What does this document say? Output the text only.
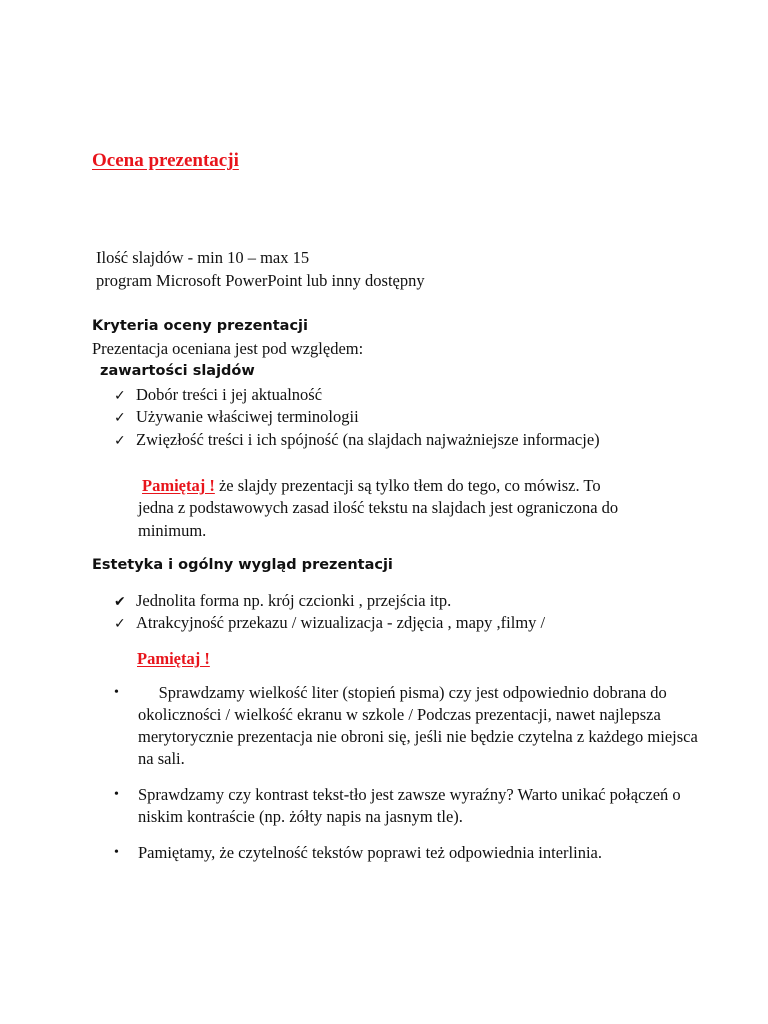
Ocena prezentacji
Ilość slajdów - min 10 – max 15
program Microsoft PowerPoint lub inny dostępny
Kryteria oceny prezentacji
Prezentacja oceniana jest pod względem:
zawartości slajdów
✓ Dobór treści i jej aktualność
✓ Używanie właściwej terminologii
✓ Zwięzłość treści i ich spójność (na slajdach najważniejsze informacje)
Pamiętaj ! że slajdy prezentacji są tylko tłem do tego, co mówisz. To
jedna z podstawowych zasad ilość tekstu na slajdach jest ograniczona do
minimum.
Estetyka i ogólny wygląd prezentacji
✔ Jednolita forma np. krój czcionki , przejścia itp.
✓ Atrakcyjność przekazu / wizualizacja - zdjęcia , mapy ,filmy /
Pamiętaj !
• Sprawdzamy wielkość liter (stopień pisma) czy jest odpowiednio dobrana do okoliczności / wielkość ekranu w szkole / Podczas prezentacji, nawet najlepsza merytorycznie prezentacja nie obroni się, jeśli nie będzie czytelna z każdego miejsca na sali.
• Sprawdzamy czy kontrast tekst-tło jest zawsze wyraźny? Warto unikać połączeń o niskim kontraście (np. żółty napis na jasnym tle).
• Pamiętamy, że czytelność tekstów poprawi też odpowiednia interlinia.
